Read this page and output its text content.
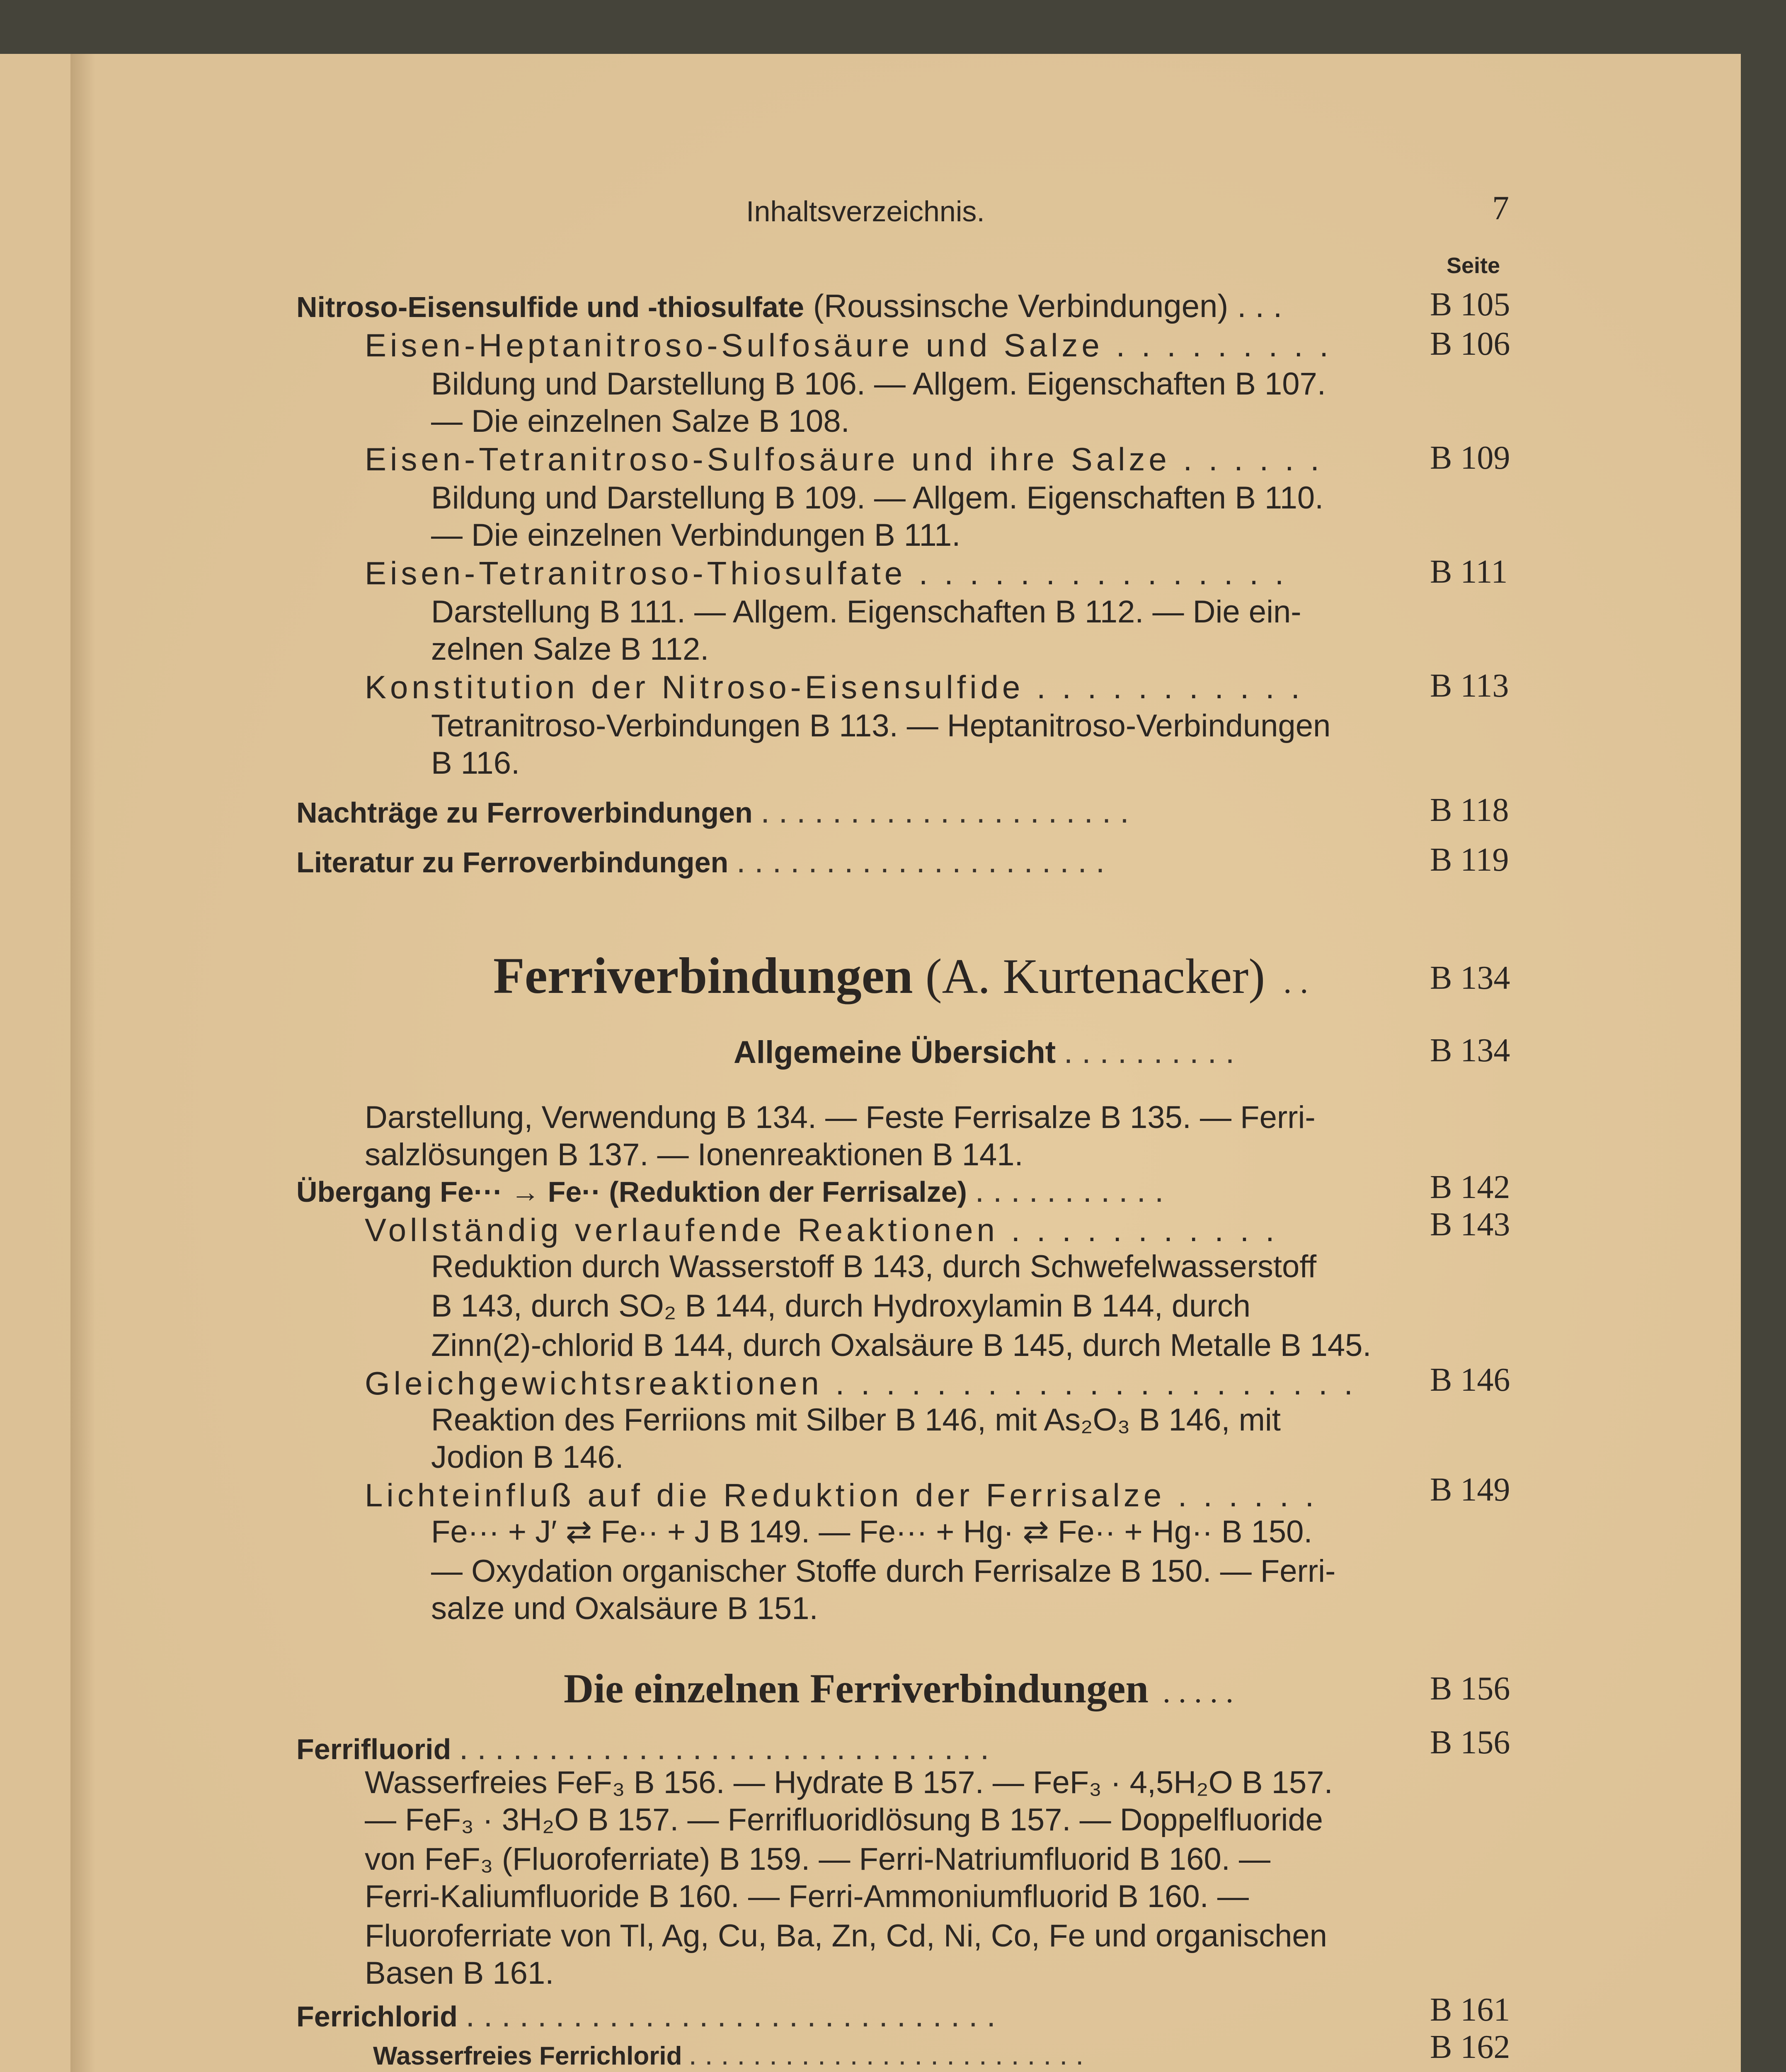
Inhaltsverzeichnis.	7
Seite
Nitroso-Eisensulfide und -thiosulfate (Roussinsche Verbindungen) . . .	B 105
Eisen-Heptanitroso-Sulfosäure und Salze . . . . . . . . .	B 106
Bildung und Darstellung B 106. — Allgem. Eigenschaften B 107.
— Die einzelnen Salze B 108.
Eisen-Tetranitroso-Sulfosäure und ihre Salze . . . . . .	B 109
Bildung und Darstellung B 109. — Allgem. Eigenschaften B 110.
— Die einzelnen Verbindungen B 111.
Eisen-Tetranitroso-Thiosulfate . . . . . . . . . . . . . . .	B 111
Darstellung B 111. — Allgem. Eigenschaften B 112. — Die ein-
zelnen Salze B 112.
Konstitution der Nitroso-Eisensulfide . . . . . . . . . . .	B 113
Tetranitroso-Verbindungen B 113. — Heptanitroso-Verbindungen
B 116.
Nachträge zu Ferroverbindungen . . . . . . . . . . . . . . . . . . . . .	B 118
Literatur zu Ferroverbindungen . . . . . . . . . . . . . . . . . . . . .	B 119
Ferriverbindungen (A. Kurtenacker) . .	B 134
Allgemeine Übersicht . . . . . . . . . .	B 134
Darstellung, Verwendung B 134. — Feste Ferrisalze B 135. — Ferri-
salzlösungen B 137. — Ionenreaktionen B 141.
Übergang Fe··· → Fe·· (Reduktion der Ferrisalze) . . . . . . . . . . .	B 142
Vollständig verlaufende Reaktionen . . . . . . . . . . .	B 143
Reduktion durch Wasserstoff B 143, durch Schwefelwasserstoff
B 143, durch SO₂ B 144, durch Hydroxylamin B 144, durch
Zinn(2)-chlorid B 144, durch Oxalsäure B 145, durch Metalle B 145.
Gleichgewichtsreaktionen . . . . . . . . . . . . . . . . . . . . . B 146
Reaktion des Ferriions mit Silber B 146, mit As₂O₃ B 146, mit
Jodion B 146.
Lichteinfluß auf die Reduktion der Ferrisalze . . . . . .	B 149
Fe··· + J′ ⇄ Fe·· + J B 149. — Fe··· + Hg· ⇄ Fe·· + Hg·· B 150.
— Oxydation organischer Stoffe durch Ferrisalze B 150. — Ferri-
salze und Oxalsäure B 151.
Die einzelnen Ferriverbindungen . . . . .	B 156
Ferrifluorid . . . . . . . . . . . . . . . . . . . . . . . . . . . . . .	B 156
Wasserfreies FeF₃ B 156. — Hydrate B 157. — FeF₃ · 4,5H₂O B 157.
— FeF₃ · 3H₂O B 157. — Ferrifluoridlösung B 157. — Doppelfluoride
von FeF₃ (Fluoroferriate) B 159. — Ferri-Natriumfluorid B 160. —
Ferri-Kaliumfluoride B 160. — Ferri-Ammoniumfluorid B 160. —
Fluoroferriate von Tl, Ag, Cu, Ba, Zn, Cd, Ni, Co, Fe und organischen
Basen B 161.
Ferrichlorid . . . . . . . . . . . . . . . . . . . . . . . . . . . . . .	B 161
Wasserfreies Ferrichlorid . . . . . . . . . . . . . . . . . . . . . . . . .	B 162
